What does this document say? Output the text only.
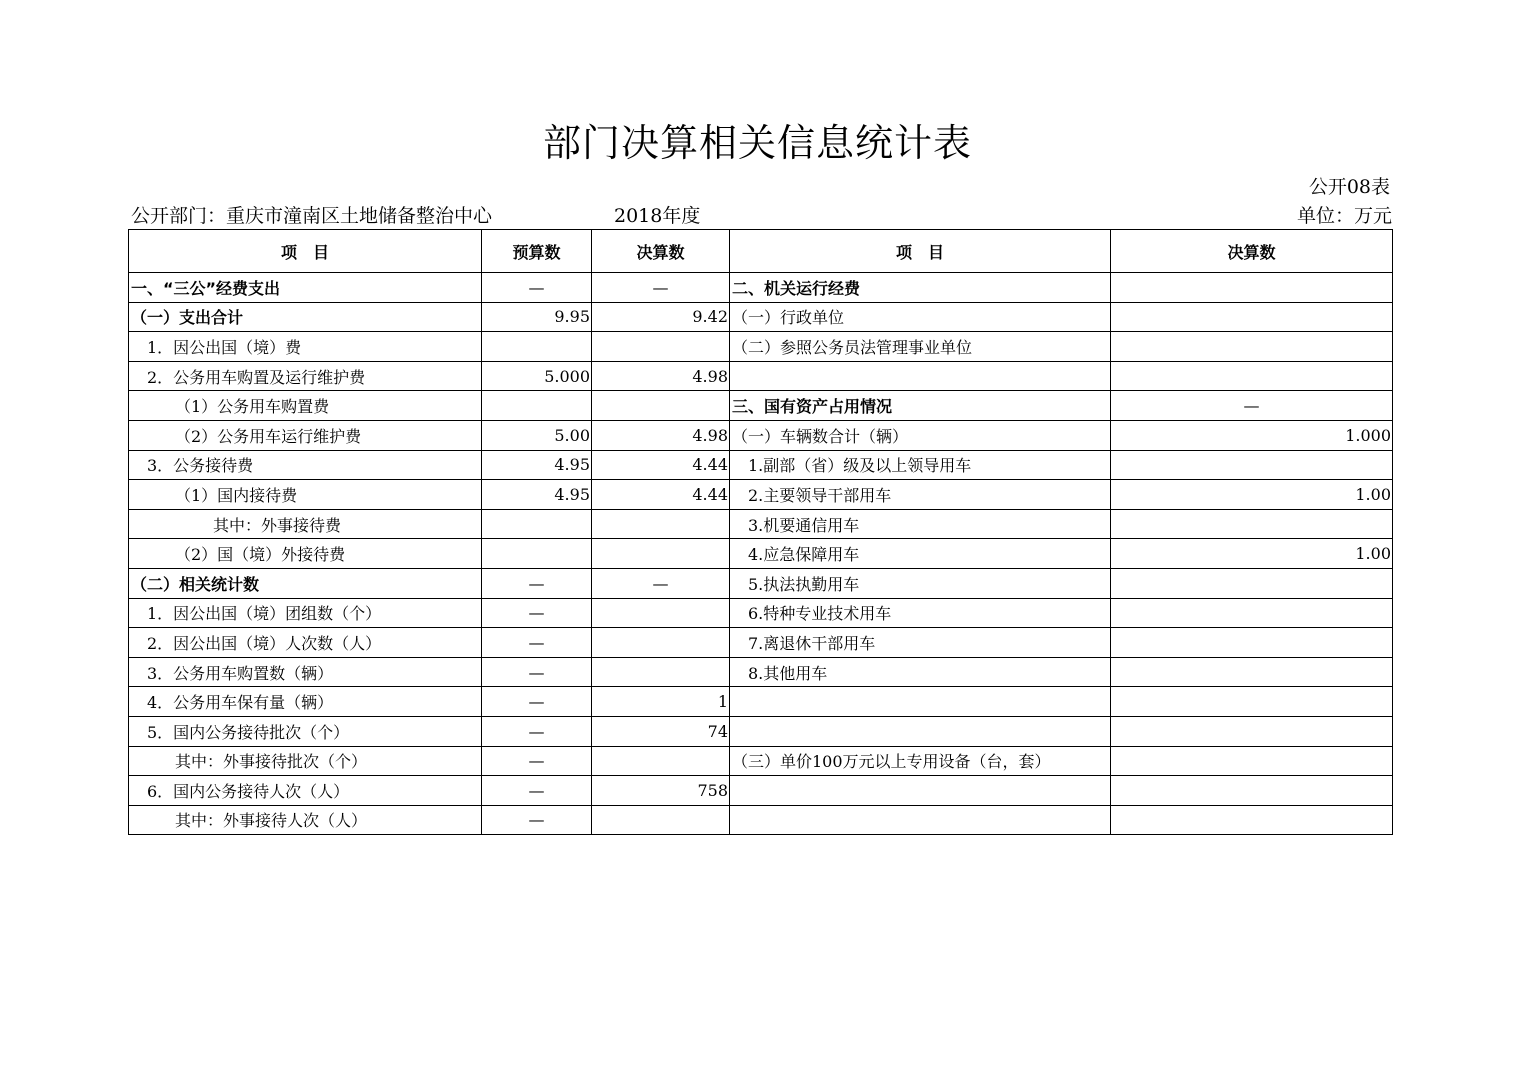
部门决算相关信息统计表
公开08表
公开部门：重庆市潼南区土地储备整治中心	2018年度	单位：万元
项　目	预算数	决算数	项　目	决算数
一、“三公”经费支出	—	—	二、机关运行经费	
（一）支出合计	9.95	9.42	（一）行政单位	
1．因公出国（境）费			（二）参照公务员法管理事业单位	
2．公务用车购置及运行维护费	5.000	4.98		
（1）公务用车购置费			三、国有资产占用情况	—
（2）公务用车运行维护费	5.00	4.98	（一）车辆数合计（辆）	1.000
3．公务接待费	4.95	4.44	1.副部（省）级及以上领导用车	
（1）国内接待费	4.95	4.44	2.主要领导干部用车	1.00
其中：外事接待费			3.机要通信用车	
（2）国（境）外接待费			4.应急保障用车	1.00
（二）相关统计数	—	—	5.执法执勤用车	
1．因公出国（境）团组数（个）	—		6.特种专业技术用车	
2．因公出国（境）人次数（人）	—		7.离退休干部用车	
3．公务用车购置数（辆）	—		8.其他用车	
4．公务用车保有量（辆）	—	1		
5．国内公务接待批次（个）	—	74		
其中：外事接待批次（个）	—		（三）单价100万元以上专用设备（台，套）	
6．国内公务接待人次（人）	—	758		
其中：外事接待人次（人）	—			
